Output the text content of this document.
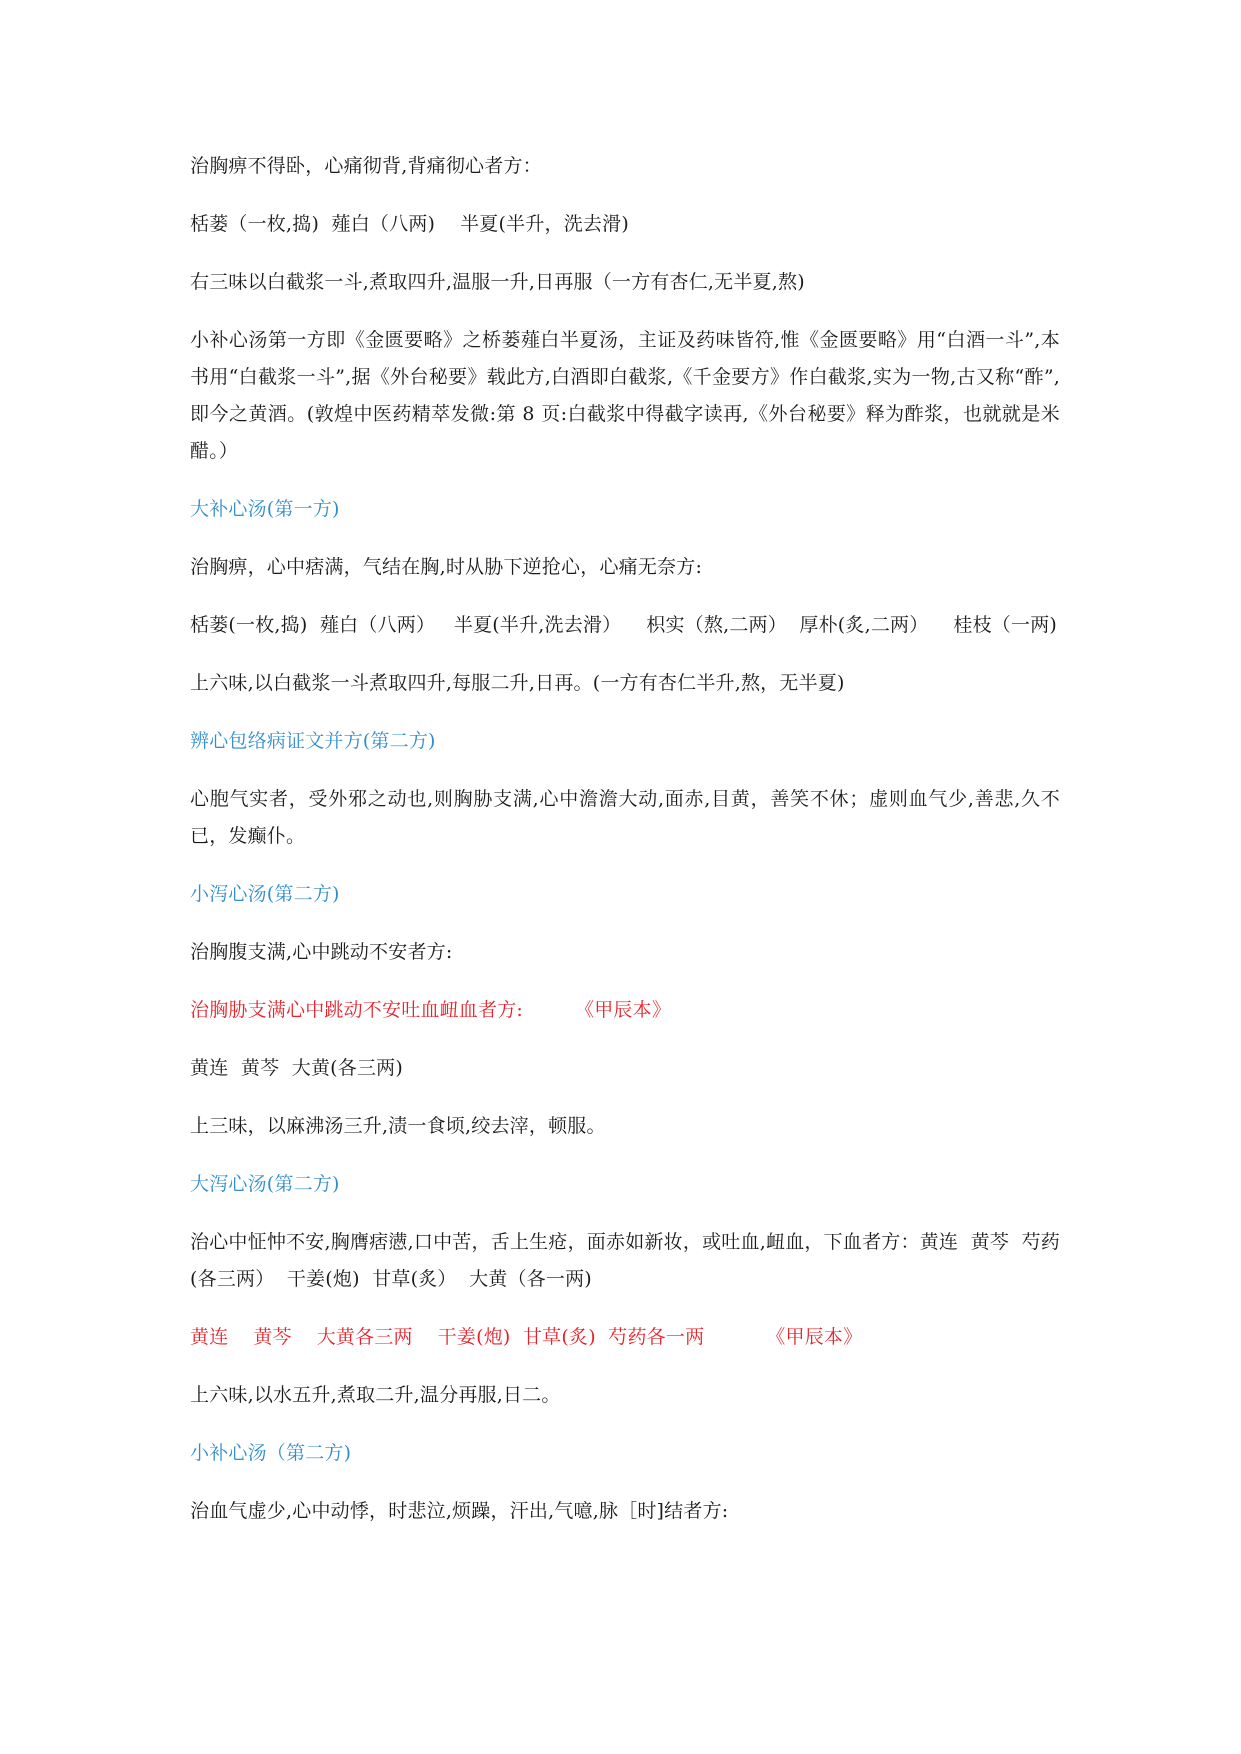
治胸痹不得卧，心痛彻背,背痛彻心者方：

栝蒌（一枚,捣)  薤白（八两)    半夏(半升，洗去滑)

右三味以白截浆一斗,煮取四升,温服一升,日再服（一方有杏仁,无半夏,熬)

小补心汤第一方即《金匮要略》之桥蒌薤白半夏汤，主证及药味皆符,惟《金匮要略》用“白酒一斗”,本书用“白截浆一斗”,据《外台秘要》载此方,白酒即白截浆,《千金要方》作白截浆,实为一物,古又称“酢”,即今之黄酒。(敦煌中医药精萃发微:第 8 页:白截浆中得截字读再,《外台秘要》释为酢浆，也就就是米醋。）

大补心汤(第一方)

治胸痹，心中痞满，气结在胸,时从胁下逆抢心，心痛无奈方:

栝蒌(一枚,捣)  薤白（八两）   半夏(半升,洗去滑）    枳实（熬,二两）  厚朴(炙,二两）    桂枝（一两)

上六味,以白截浆一斗煮取四升,每服二升,日再。(一方有杏仁半升,熬，无半夏)

辨心包络病证文并方(第二方)

心胞气实者，受外邪之动也,则胸胁支满,心中澹澹大动,面赤,目黄，善笑不休；虚则血气少,善悲,久不已，发癫仆。

小泻心汤(第二方)

治胸腹支满,心中跳动不安者方:

治胸胁支满心中跳动不安吐血衄血者方:	《甲辰本》

黄连  黄芩  大黄(各三两)

上三味，以麻沸汤三升,渍一食顷,绞去滓，顿服。

大泻心汤(第二方)

治心中怔忡不安,胸膺痞懑,口中苦，舌上生疮，面赤如新妆，或吐血,衄血，下血者方：黄连  黄芩  芍药(各三两）  干姜(炮)  甘草(炙）  大黄（各一两)

黄连    黄芩    大黄各三两    干姜(炮)  甘草(炙)  芍药各一两	《甲辰本》

上六味,以水五升,煮取二升,温分再服,日二。

小补心汤（第二方)

治血气虚少,心中动悸，时悲泣,烦躁，汗出,气噫,脉［时]结者方:
